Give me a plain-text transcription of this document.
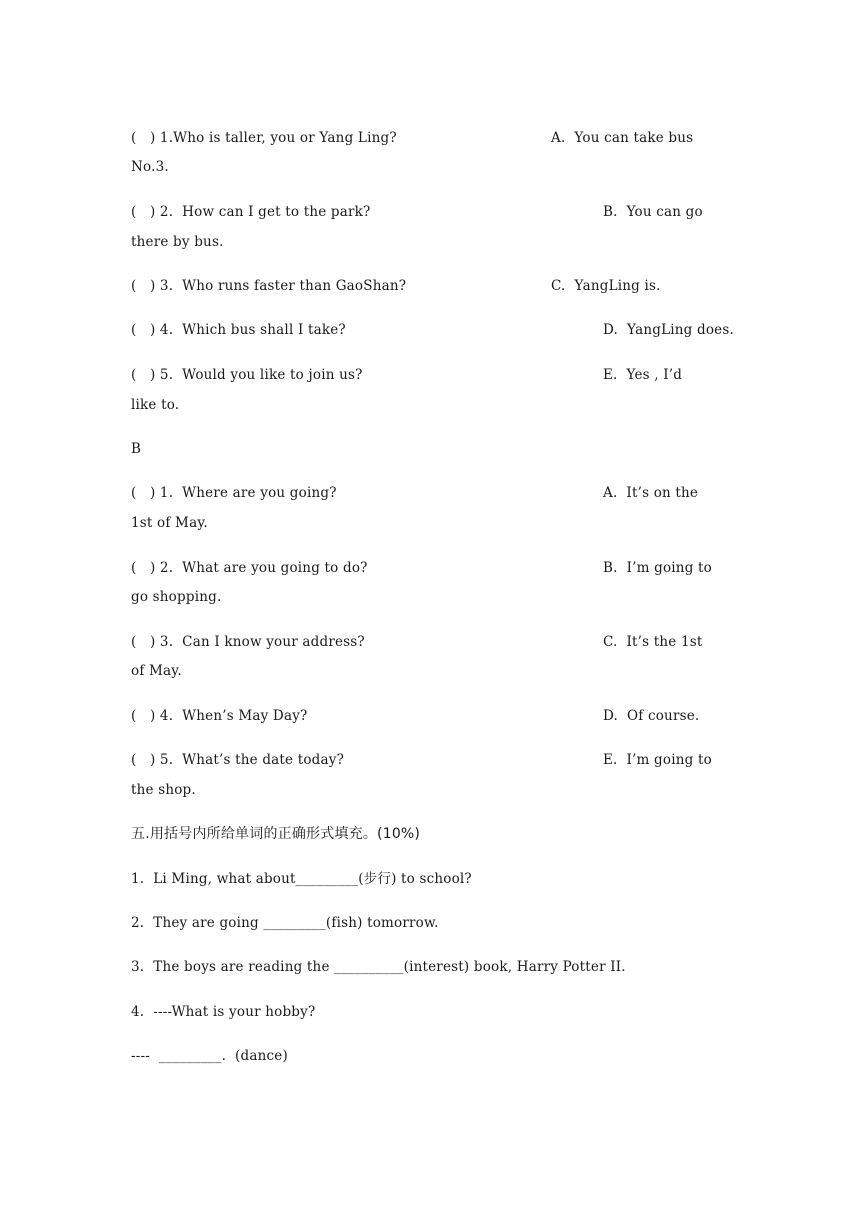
(   ) 1.Who is taller, you or Yang Ling?	A.  You can take bus
No.3.
(   ) 2.  How can I get to the park?	B.  You can go
there by bus.
(   ) 3.  Who runs faster than GaoShan?	C.  YangLing is.
(   ) 4.  Which bus shall I take?	D.  YangLing does.
(   ) 5.  Would you like to join us?	E.  Yes , I’d
like to.
B
(   ) 1.  Where are you going?	A.  It’s on the
1st of May.
(   ) 2.  What are you going to do?	B.  I’m going to
go shopping.
(   ) 3.  Can I know your address?	C.  It’s the 1st
of May.
(   ) 4.  When’s May Day?	D.  Of course.
(   ) 5.  What’s the date today?	E.  I’m going to
the shop.
五.用括号内所给单词的正确形式填充。(10%)
1.  Li Ming, what about_________(步行) to school?
2.  They are going _________(fish) tomorrow.
3.  The boys are reading the __________(interest) book, Harry Potter II.
4.  ----What is your hobby?
----  _________.  (dance)
